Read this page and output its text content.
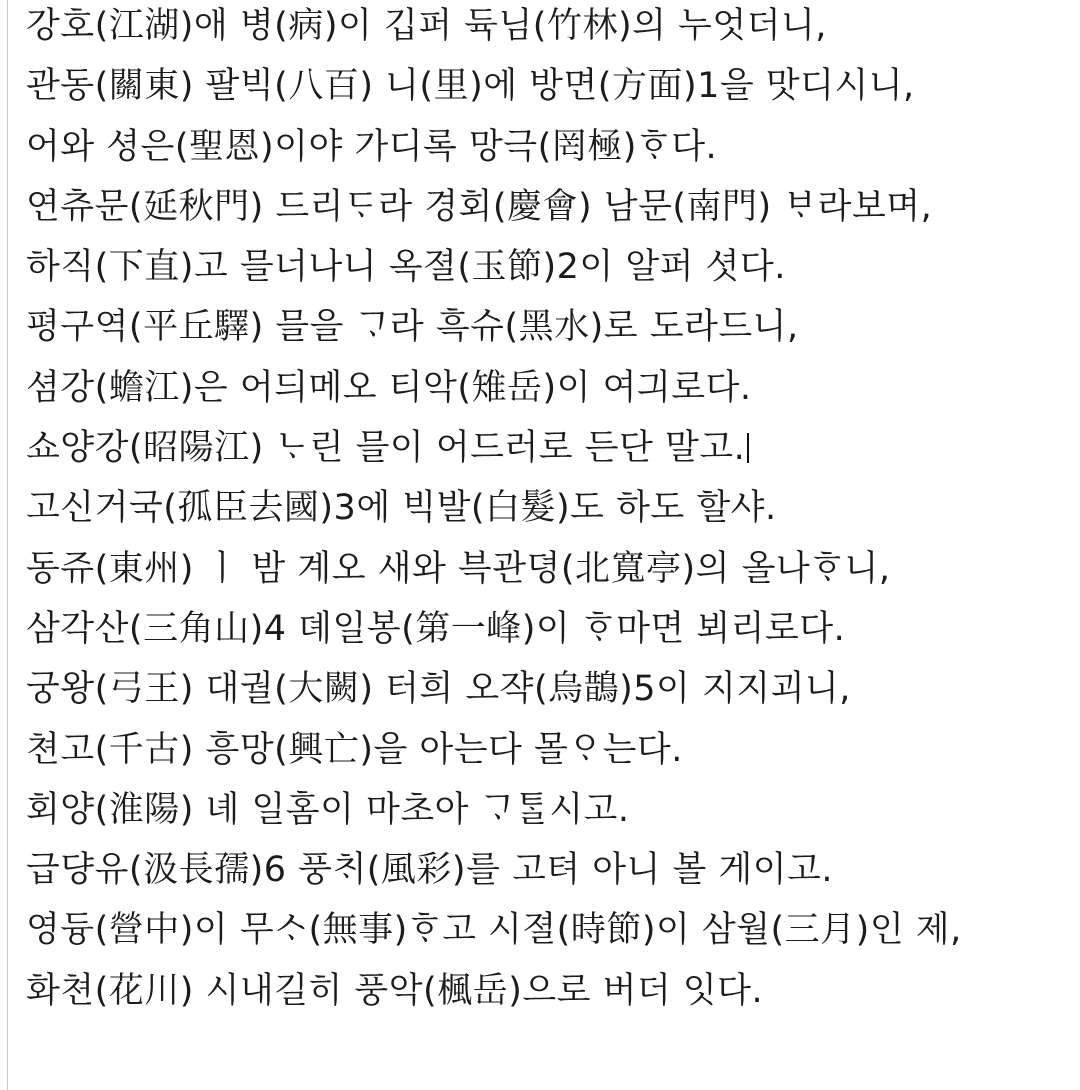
강호(江湖)애 병(病)이 깁퍼 듁님(竹林)의 누엇더니,
관동(關東) 팔빅(八百) 니(里)에 방면(方面)1을 맛디시니,
어와 셩은(聖恩)이야 가디록 망극(罔極)ᄒᆞ다.
연츄문(延秋門) 드리ᄃᆞ라 경회(慶會) 남문(南門) ᄇᆞ라보며,
하직(下直)고 믈너나니 옥졀(玉節)2이 알퍼 셧다.
평구역(平丘驛) 믈을 ᄀᆞ라 흑슈(黑水)로 도라드니,
셤강(蟾江)은 어듸메오 티악(雉岳)이 여긔로다.
쇼양강(昭陽江) ᄂᆞ린 믈이 어드러로 든단 말고.
고신거국(孤臣去國)3에 빅발(白髮)도 하도 할샤.
동쥬(東州) ㅣ 밤 계오 새와 븍관뎡(北寬亭)의 올나ᄒᆞ니,
삼각산(三角山)4 뎨일봉(第一峰)이 ᄒᆞ마면 뵈리로다.
궁왕(弓王) 대궐(大闕) 터희 오쟉(烏鵲)5이 지지괴니,
쳔고(千古) 흥망(興亡)을 아는다 몰ᄋᆞ는다.
회양(淮陽) 녜 일홈이 마초아 ᄀᆞᄐᆞᆯ시고.
급댱유(汲長孺)6 풍ᄎᆡ(風彩)를 고텨 아니 볼 게이고.
영듕(營中)이 무ᄉᆞ(無事)ᄒᆞ고 시졀(時節)이 삼월(三月)인 제,
화쳔(花川) 시내길히 풍악(楓岳)으로 버더 잇다.
